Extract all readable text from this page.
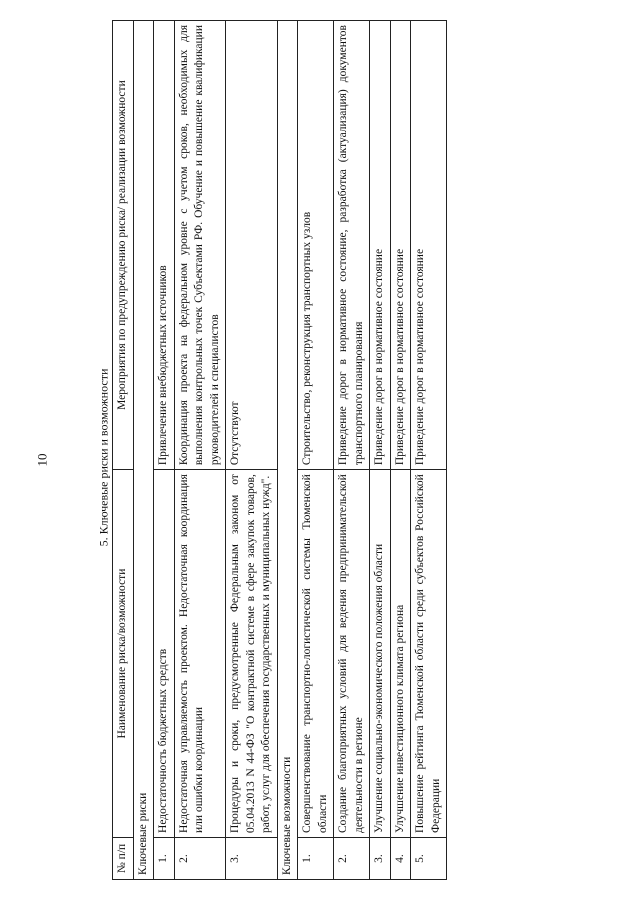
10	5. Ключевые риски и возможности
№ п/п	Наименование риска/возможности	Мероприятия по предупреждению риска/ реализации возможности
Ключевые риски		
1.	Недостаточность бюджетных средств	Привлечение внебюджетных источников
2.	Недостаточная управляемость проектом. Недостаточная координация или ошибки координации	Координация проекта на федеральном уровне с учетом сроков, необходимых для выполнения контрольных точек Субъектами РФ. Обучение и повышение квалификации руководителей и специалистов
3.	Процедуры и сроки, предусмотренные Федеральным законом от 05.04.2013 N 44-ФЗ "О контрактной системе в сфере закупок товаров, работ, услуг для обеспечения государственных и муниципальных нужд".	Отсутствуют
Ключевые возможности		
1.	Совершенствование транспортно-логистической системы Тюменской области	Строительство, реконструкция транспортных узлов
2.	Создание благоприятных условий для ведения предпринимательской деятельности в регионе	Приведение дорог в нормативное состояние, разработка (актуализация) документов транспортного планирования
3.	Улучшение социально-экономического положения области	Приведение дорог в нормативное состояние
4.	Улучшение инвестиционного климата региона	Приведение дорог в нормативное состояние
5.	Повышение рейтинга Тюменской области среди субъектов Российской Федерации	Приведение дорог в нормативное состояние
